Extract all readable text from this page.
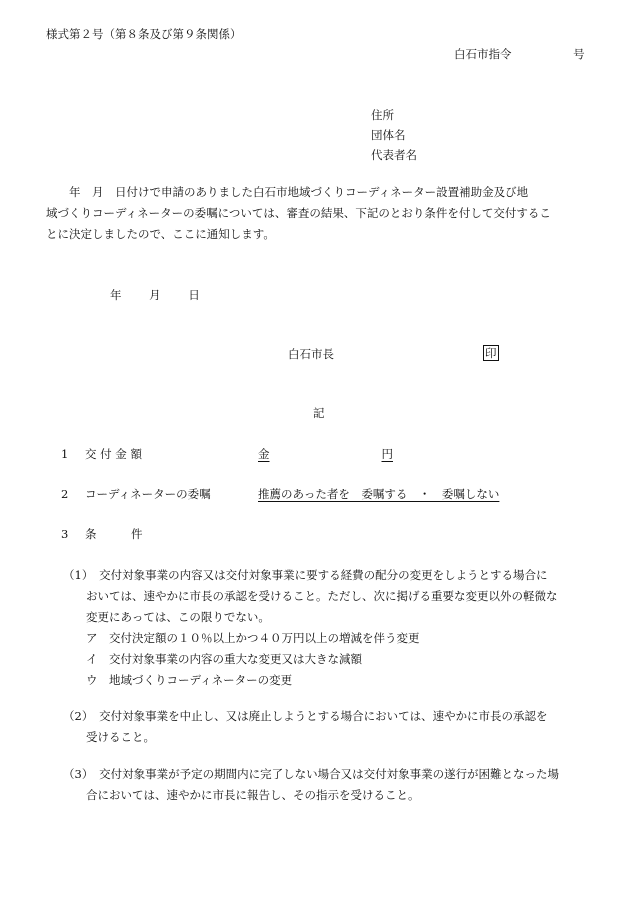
様式第２号（第８条及び第９条関係）
白石市指令	号
住所
団体名
代表者名
　　年　月　日付けで申請のありました白石市地域づくりコーディネーター設置補助金及び地
域づくりコーディネーターの委嘱については、審査の結果、下記のとおり条件を付して交付するこ
とに決定しましたので、ここに通知します。
年 月 日
白石市長	印
記
1 交 付 金 額	金	円
2 コーディネーターの委嘱	推薦のあった者を　委嘱する　・　委嘱しない
3 条　　　件
（1）　交付対象事業の内容又は交付対象事業に要する経費の配分の変更をしようとする場合に
　　おいては、速やかに市長の承認を受けること。ただし、次に掲げる重要な変更以外の軽微な
　　変更にあっては、この限りでない。
　　ア　交付決定額の１０％以上かつ４０万円以上の増減を伴う変更
　　イ　交付対象事業の内容の重大な変更又は大きな減額
　　ウ　地域づくりコーディネーターの変更
（2）　交付対象事業を中止し、又は廃止しようとする場合においては、速やかに市長の承認を
　　受けること。
（3）　交付対象事業が予定の期間内に完了しない場合又は交付対象事業の遂行が困難となった場
　　合においては、速やかに市長に報告し、その指示を受けること。
